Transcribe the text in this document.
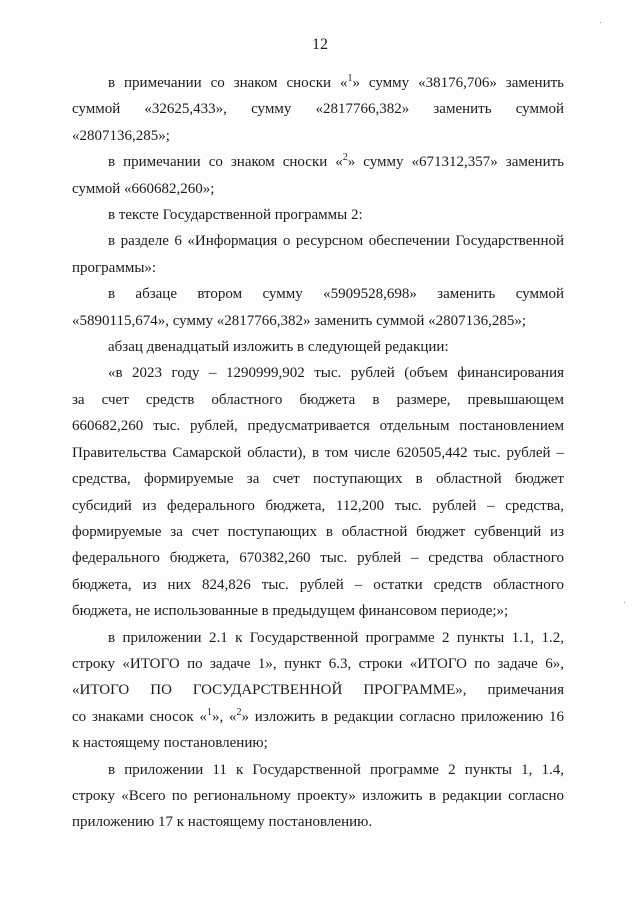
12

в примечании со знаком сноски «$^1$» сумму «38176,706» заменить

суммой «32625,433», сумму «2817766,382» заменить суммой

«2807136,285»;

в примечании со знаком сноски «$^2$» сумму «671312,357» заменить

суммой «660682,260»;

в тексте Государственной программы 2:

в разделе 6 «Информация о ресурсном обеспечении Государственной

программы»:

в абзаце втором сумму «5909528,698» заменить суммой

«5890115,674», сумму «2817766,382» заменить суммой «2807136,285»;

абзац двенадцатый изложить в следующей редакции:

«в 2023 году – 1290999,902 тыс. рублей (объем финансирования

за счет средств областного бюджета в размере, превышающем

660682,260 тыс. рублей, предусматривается отдельным постановлением

Правительства Самарской области), в том числе 620505,442 тыс. рублей –

средства, формируемые за счет поступающих в областной бюджет

субсидий из федерального бюджета, 112,200 тыс. рублей – средства,

формируемые за счет поступающих в областной бюджет субвенций из

федерального бюджета, 670382,260 тыс. рублей – средства областного

бюджета, из них 824,826 тыс. рублей – остатки средств областного

бюджета, не использованные в предыдущем финансовом периоде;»;

в приложении 2.1 к Государственной программе 2 пункты 1.1, 1.2,

строку «ИТОГО по задаче 1», пункт 6.3, строки «ИТОГО по задаче 6»,

«ИТОГО ПО ГОСУДАРСТВЕННОЙ ПРОГРАММЕ», примечания

со знаками сносок «$^1$», «$^2$» изложить в редакции согласно приложению 16

к настоящему постановлению;

в приложении 11 к Государственной программе 2 пункты 1, 1.4,

строку «Всего по региональному проекту» изложить в редакции согласно

приложению 17 к настоящему постановлению.
